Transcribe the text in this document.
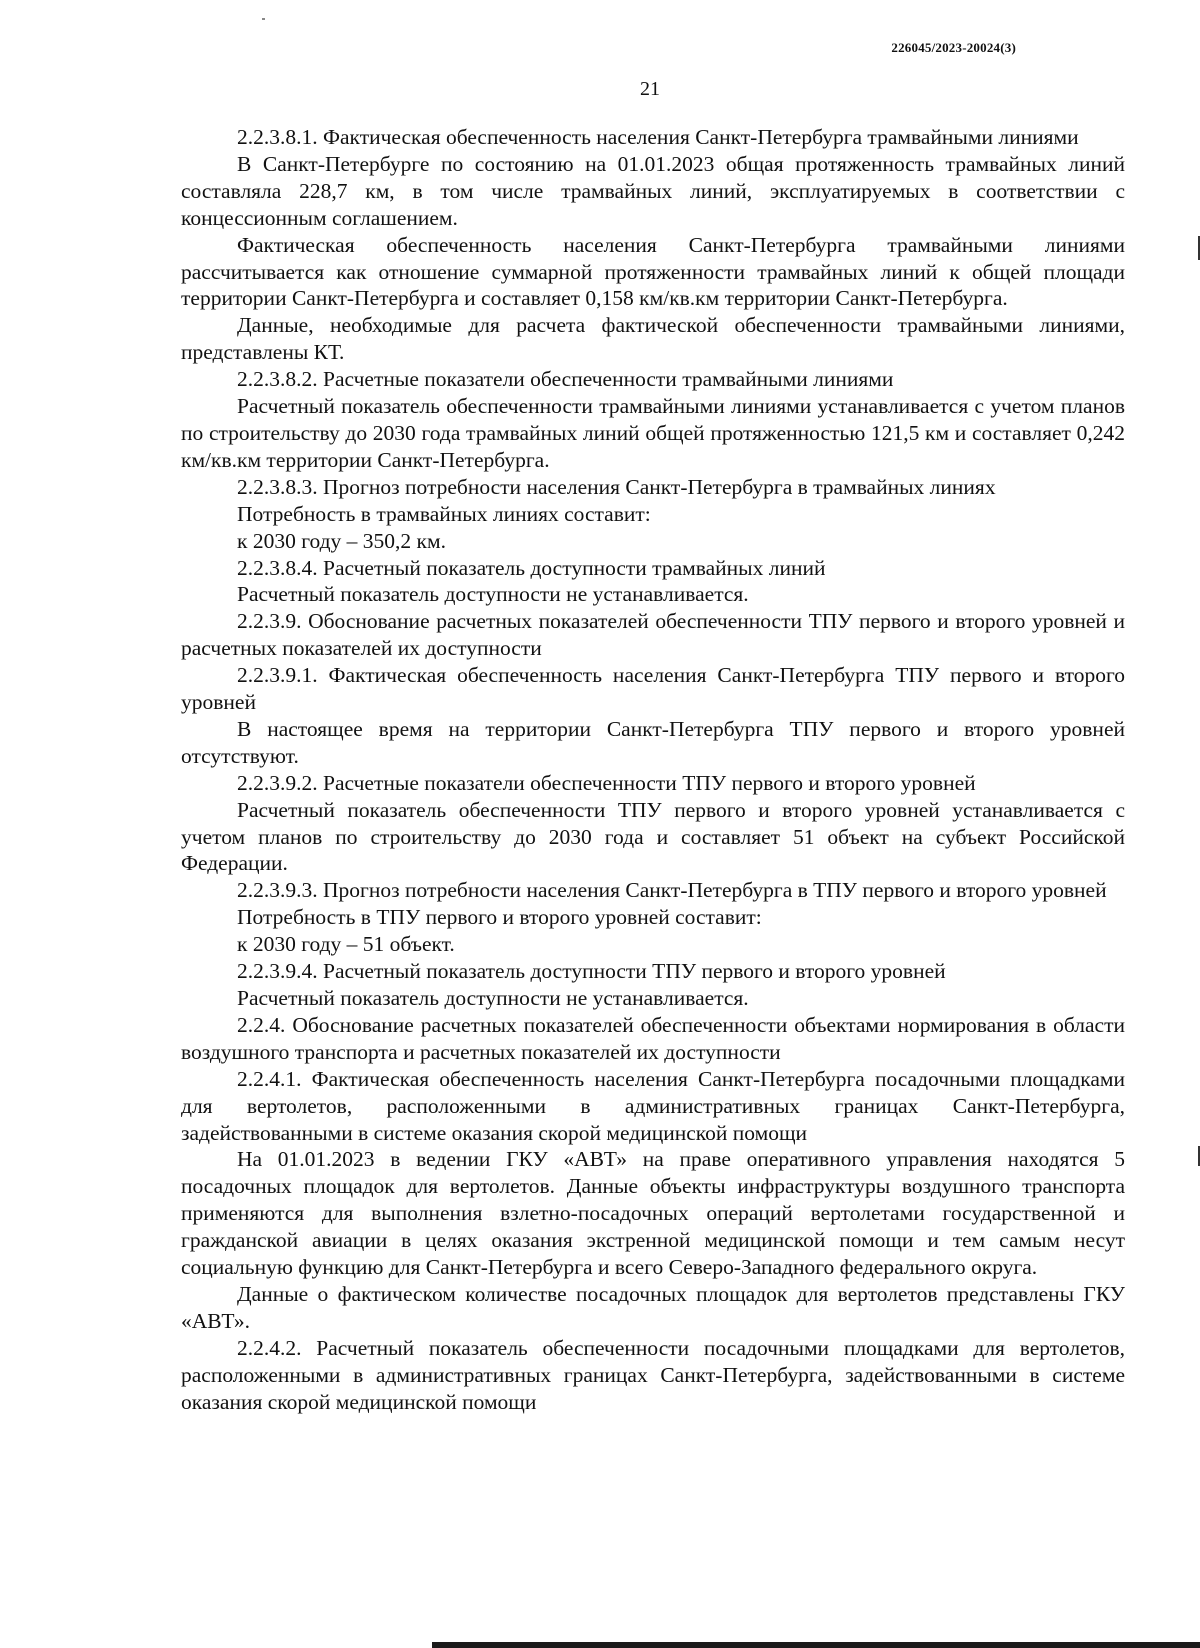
226045/2023-20024(3)
21

2.2.3.8.1. Фактическая обеспеченность населения Санкт-Петербурга трамвайными линиями

В Санкт-Петербурге по состоянию на 01.01.2023 общая протяженность трамвайных линий составляла 228,7 км, в том числе трамвайных линий, эксплуатируемых в соответствии с концессионным соглашением.

Фактическая обеспеченность населения Санкт-Петербурга трамвайными линиями рассчитывается как отношение суммарной протяженности трамвайных линий к общей площади территории Санкт-Петербурга и составляет 0,158 км/кв.км территории Санкт-Петербурга.

Данные, необходимые для расчета фактической обеспеченности трамвайными линиями, представлены КТ.

2.2.3.8.2. Расчетные показатели обеспеченности трамвайными линиями

Расчетный показатель обеспеченности трамвайными линиями устанавливается с учетом планов по строительству до 2030 года трамвайных линий общей протяженностью 121,5 км и составляет 0,242 км/кв.км территории Санкт-Петербурга.

2.2.3.8.3. Прогноз потребности населения Санкт-Петербурга в трамвайных линиях

Потребность в трамвайных линиях составит:

к 2030 году – 350,2 км.

2.2.3.8.4. Расчетный показатель доступности трамвайных линий

Расчетный показатель доступности не устанавливается.

2.2.3.9. Обоснование расчетных показателей обеспеченности ТПУ первого и второго уровней и расчетных показателей их доступности

2.2.3.9.1. Фактическая обеспеченность населения Санкт-Петербурга ТПУ первого и второго уровней

В настоящее время на территории Санкт-Петербурга ТПУ первого и второго уровней отсутствуют.

2.2.3.9.2. Расчетные показатели обеспеченности ТПУ первого и второго уровней

Расчетный показатель обеспеченности ТПУ первого и второго уровней устанавливается с учетом планов по строительству до 2030 года и составляет 51 объект на субъект Российской Федерации.

2.2.3.9.3. Прогноз потребности населения Санкт-Петербурга в ТПУ первого и второго уровней

Потребность в ТПУ первого и второго уровней составит:

к 2030 году – 51 объект.

2.2.3.9.4. Расчетный показатель доступности ТПУ первого и второго уровней

Расчетный показатель доступности не устанавливается.

2.2.4. Обоснование расчетных показателей обеспеченности объектами нормирования в области воздушного транспорта и расчетных показателей их доступности

2.2.4.1. Фактическая обеспеченность населения Санкт-Петербурга посадочными площадками для вертолетов, расположенными в административных границах Санкт-Петербурга, задействованными в системе оказания скорой медицинской помощи

На 01.01.2023 в ведении ГКУ «АВТ» на праве оперативного управления находятся 5 посадочных площадок для вертолетов. Данные объекты инфраструктуры воздушного транспорта применяются для выполнения взлетно-посадочных операций вертолетами государственной и гражданской авиации в целях оказания экстренной медицинской помощи и тем самым несут социальную функцию для Санкт-Петербурга и всего Северо-Западного федерального округа.

Данные о фактическом количестве посадочных площадок для вертолетов представлены ГКУ «АВТ».

2.2.4.2. Расчетный показатель обеспеченности посадочными площадками для вертолетов, расположенными в административных границах Санкт-Петербурга, задействованными в системе оказания скорой медицинской помощи
